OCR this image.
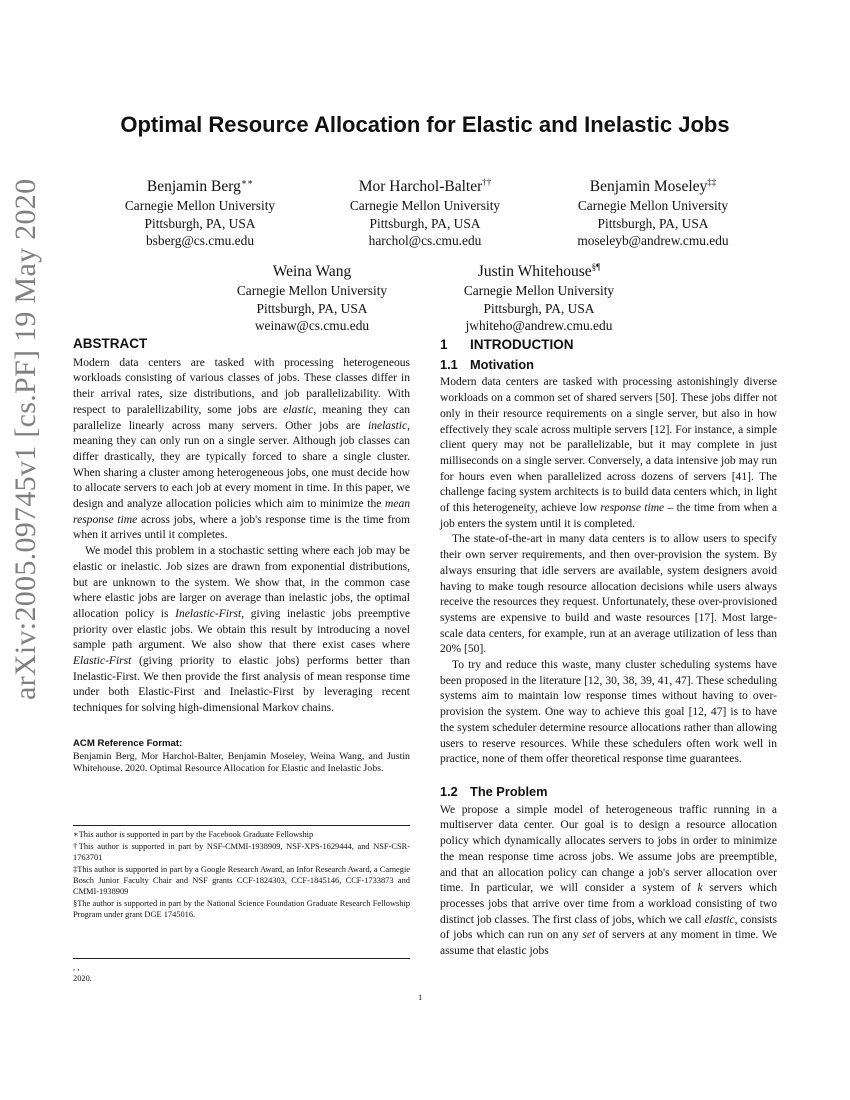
arXiv:2005.09745v1 [cs.PF] 19 May 2020
Optimal Resource Allocation for Elastic and Inelastic Jobs
Benjamin Berg∗∗
Carnegie Mellon University
Pittsburgh, PA, USA
bsberg@cs.cmu.edu
Mor Harchol-Balter††
Carnegie Mellon University
Pittsburgh, PA, USA
harchol@cs.cmu.edu
Benjamin Moseley‡‡
Carnegie Mellon University
Pittsburgh, PA, USA
moseleyb@andrew.cmu.edu
Weina Wang
Carnegie Mellon University
Pittsburgh, PA, USA
weinaw@cs.cmu.edu
Justin Whitehouse§¶
Carnegie Mellon University
Pittsburgh, PA, USA
jwhiteho@andrew.cmu.edu
ABSTRACT

Modern data centers are tasked with processing heterogeneous workloads consisting of various classes of jobs. These classes differ in their arrival rates, size distributions, and job parallelizability. With respect to paralellizability, some jobs are elastic, meaning they can parallelize linearly across many servers. Other jobs are inelastic, meaning they can only run on a single server. Although job classes can differ drastically, they are typically forced to share a single cluster. When sharing a cluster among heterogeneous jobs, one must decide how to allocate servers to each job at every moment in time. In this paper, we design and analyze allocation policies which aim to minimize the mean response time across jobs, where a job's response time is the time from when it arrives until it completes.

We model this problem in a stochastic setting where each job may be elastic or inelastic. Job sizes are drawn from exponential distributions, but are unknown to the system. We show that, in the common case where elastic jobs are larger on average than inelastic jobs, the optimal allocation policy is Inelastic-First, giving inelastic jobs preemptive priority over elastic jobs. We obtain this result by introducing a novel sample path argument. We also show that there exist cases where Elastic-First (giving priority to elastic jobs) performs better than Inelastic-First. We then provide the first analysis of mean response time under both Elastic-First and Inelastic-First by leveraging recent techniques for solving high-dimensional Markov chains.

ACM Reference Format:
Benjamin Berg, Mor Harchol-Balter, Benjamin Moseley, Weina Wang, and Justin Whitehouse. 2020. Optimal Resource Allocation for Elastic and Inelastic Jobs.

∗This author is supported in part by the Facebook Graduate Fellowship

†This author is supported in part by NSF-CMMI-1938909, NSF-XPS-1629444, and NSF-CSR-1763701

‡This author is supported in part by a Google Research Award, an Infor Research Award, a Carnegie Bosch Junior Faculty Chair and NSF grants CCF-1824303, CCF-1845146, CCF-1733873 and CMMI-1938909

§The author is supported in part by the National Science Foundation Graduate Research Fellowship Program under grant DGE 1745016.

, ,
2020.
1 INTRODUCTION
1.1 Motivation

Modern data centers are tasked with processing astonishingly diverse workloads on a common set of shared servers [50]. These jobs differ not only in their resource requirements on a single server, but also in how effectively they scale across multiple servers [12]. For instance, a simple client query may not be parallelizable, but it may complete in just milliseconds on a single server. Conversely, a data intensive job may run for hours even when parallelized across dozens of servers [41]. The challenge facing system architects is to build data centers which, in light of this heterogeneity, achieve low response time – the time from when a job enters the system until it is completed.

The state-of-the-art in many data centers is to allow users to specify their own server requirements, and then over-provision the system. By always ensuring that idle servers are available, system designers avoid having to make tough resource allocation decisions while users always receive the resources they request. Unfortunately, these over-provisioned systems are expensive to build and waste resources [17]. Most large-scale data centers, for example, run at an average utilization of less than 20% [50].

To try and reduce this waste, many cluster scheduling systems have been proposed in the literature [12, 30, 38, 39, 41, 47]. These scheduling systems aim to maintain low response times without having to over-provision the system. One way to achieve this goal [12, 47] is to have the system scheduler determine resource allocations rather than allowing users to reserve resources. While these schedulers often work well in practice, none of them offer theoretical response time guarantees.

1.2 The Problem

We propose a simple model of heterogeneous traffic running in a multiserver data center. Our goal is to design a resource allocation policy which dynamically allocates servers to jobs in order to minimize the mean response time across jobs. We assume jobs are preemptible, and that an allocation policy can change a job's server allocation over time. In particular, we will consider a system of k servers which processes jobs that arrive over time from a workload consisting of two distinct job classes. The first class of jobs, which we call elastic, consists of jobs which can run on any set of servers at any moment in time. We assume that elastic jobs

1
